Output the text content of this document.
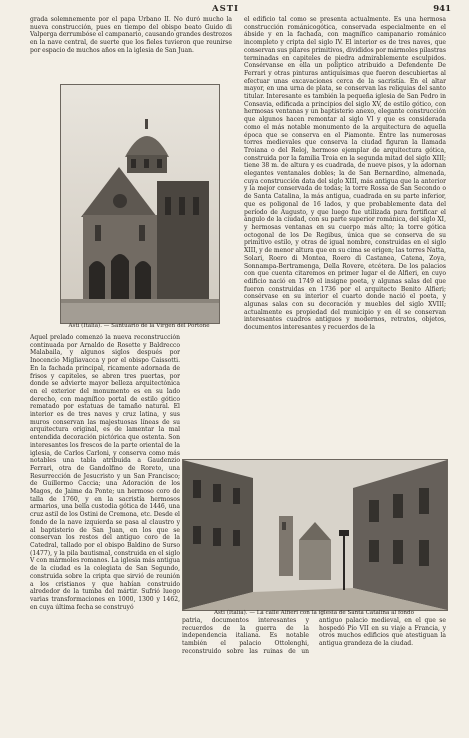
ASTI	941

grada solemnemente por el papa Urbano II. No duró mucho la nueva construcción, pues en tiempo del obispo beato Guido di Valperga derrumbóse el campanario, causando grandes destrozos en la nave central, de suerte que los fieles tuvieron que reunirse por espacio de muchos años en la iglesia de San Juan.

Asti (Italia). — Santuario de la Virgen del Portone

Aquel prelado comenzó la nueva reconstrucción continuada por Arnaldo de Rosette y Baldrecco Malabaila, y algunos siglos después por Inocencio Migliavacca y por el obispo Caissotti. En la fachada principal, ricamente adornada de frisos y capiteles, se abren tres puertas, por donde se advierte mayor belleza arquitectónica en el exterior del monumento es en su lado derecho, con magnífico portal de estilo gótico rematado por estatuas de tamaño natural. El interior es de tres naves y cruz latina, y sus muros conservan las majestuosas líneas de su arquitectura original, es de lamentar la mal entendida decoración pictórica que ostenta. Son interesantes los frescos de la parte oriental de la iglesia, de Carlos Carloni, y conserva como más notables una tabla atribuida a Gaudenzio Ferrari, otra de Gandolfino de Roreto, una Resurrección de Jesucristo y un San Francisco; de Guillermo Caccia; una Adoración de los Magos, de Jaime da Ponte; un hermoso coro de talla de 1760, y en la sacristía hermosos armarios, una bella custodia gótica de 1446, una cruz astil de los Ostini de Cremona, etc. Desde el fondo de la nave izquierda se pasa al claustro y al baptisterio de San Juan, en los que se conservan los restos del antiguo coro de la Catedral, tallado por el obispo Baldino de Surso (1477), y la pila bautismal, construida en el siglo V con mármoles romanos. La iglesia más antigua de la ciudad es la colegiata de San Segundo, construida sobre la cripta que sirvió de reunión a los cristianos y que habían construido alrededor de la tumba del mártir. Sufrió luego varias transformaciones en 1000, 1300 y 1462, en cuya última fecha se construyó

el edificio tal como se presenta actualmente. Es una hermosa construcción románicogótica, conservada especialmente en el ábside y en la fachada, con magnífico campanario románico incompleto y cripta del siglo IV. El interior es de tres naves, que conservan sus pilares primitivos, divididos por mármoles pilastras terminadas en capiteles de piedra admirablemente esculpidos. Consérvanse en ella un políptico atribuido a Defendente De Ferrari y otras pinturas antiquísimas que fueron descubiertas al efectuar unas excavaciones cerca de la sacristía. En el altar mayor, en una urna de plata, se conservan las reliquias del santo titular. Interesante es también la pequeña iglesia de San Pedro in Consavia, edificada a principios del siglo XV, de estilo gótico, con hermosas ventanas y un baptisterio anexo, elegante construcción que algunos hacen remontar al siglo VI y que es considerada como el más notable monumento de la arquitectura de aquella época que se conserva en el Piamonte. Entre las numerosas torres medievales que conserva la ciudad figuran la llamada Troiana o del Reloj, hermoso ejemplar de arquitectura gótica, construida por la familia Troia en la segunda mitad del siglo XIII; tiene 38 m. de altura y es cuadrada, de nueve pisos, y la adornan elegantes ventanales dobles; la de San Bernardino, almenada, cuya construcción data del siglo XIII, más antigua que la anterior y la mejor conservada de todas; la torre Rossa de San Secondo o de Santa Catalina, la más antigua, cuadrada en su parte inferior, que es poligonal de 16 lados, y que probablemente data del período de Augusto, y que luego fue utilizada para fortificar el ángulo de la ciudad, con su parte superior románica, del siglo XI, y hermosas ventanas en su cuerpo más alto; la torre gótica octogonal de los De Regibus, única que se conserva de su primitivo estilo, y otras de igual nombre, construidas en el siglo XIII, y de menor altura que en su cima se erigen; las torres Natta, Solari, Roero di Montea, Roero di Castanea, Catena, Zoya, Sonnampa-Bertramenga, Della Rovere, etcétera. De los palacios con que cuenta citaremos en primer lugar el de Alfieri, en cuyo edificio nació en 1749 el insigne poeta, y algunas salas del que fueron construidas en 1736 por el arquitecto Benito Alfieri; consérvase en su interior el cuarto donde nació el poeta, y algunas salas con su decoración y muebles del siglo XVIII; actualmente es propiedad del municipio y en él se conservan interesantes cuadros antiguos y modernos, retratos, objetos, documentos interesantes y recuerdos de la

Asti (Italia). — La calle Alfieri con la iglesia de Santa Catalina al fondo

patria, documentos interesantes y recuerdos de la guerra de la independencia italiana. Es notable también el palacio Ottolenghi, reconstruido sobre las ruinas de un antiguo palacio medieval, en el que se hospedó Pío VII en su viaje a Francia, y otros muchos edificios que atestiguan la antigua grandeza de la ciudad.
